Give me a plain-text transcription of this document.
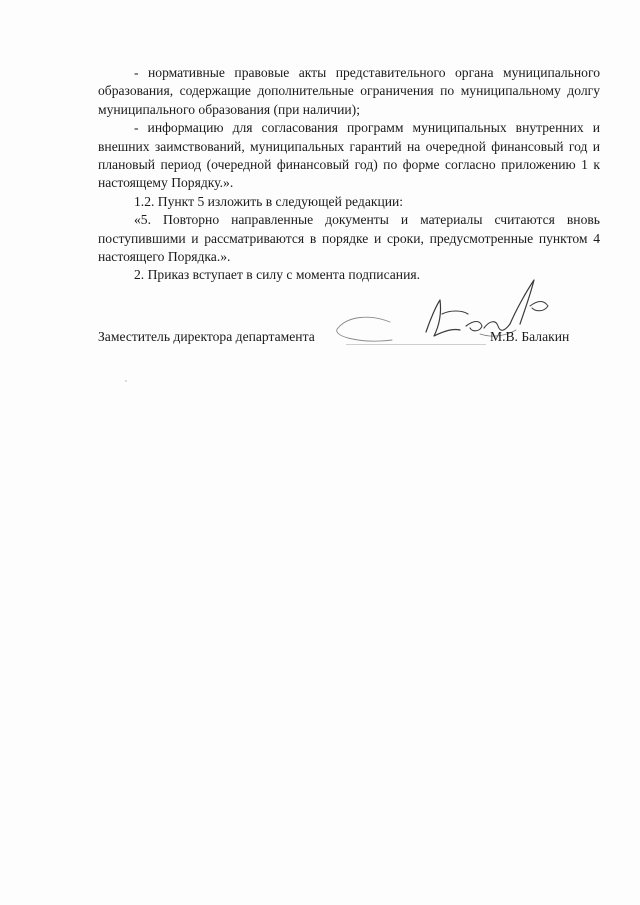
- нормативные правовые акты представительного органа муниципального образования, содержащие дополнительные ограничения по муниципальному долгу муниципального образования (при наличии);

- информацию для согласования программ муниципальных внутренних и внешних заимствований, муниципальных гарантий на очередной финансовый год и плановый период (очередной финансовый год) по форме согласно приложению 1 к настоящему Порядку.».

1.2. Пункт 5 изложить в следующей редакции:

«5. Повторно направленные документы и материалы считаются вновь поступившими и рассматриваются в порядке и сроки, предусмотренные пунктом 4 настоящего Порядка.».

2. Приказ вступает в силу с момента подписания.

Заместитель директора департамента	М.В. Балакин
